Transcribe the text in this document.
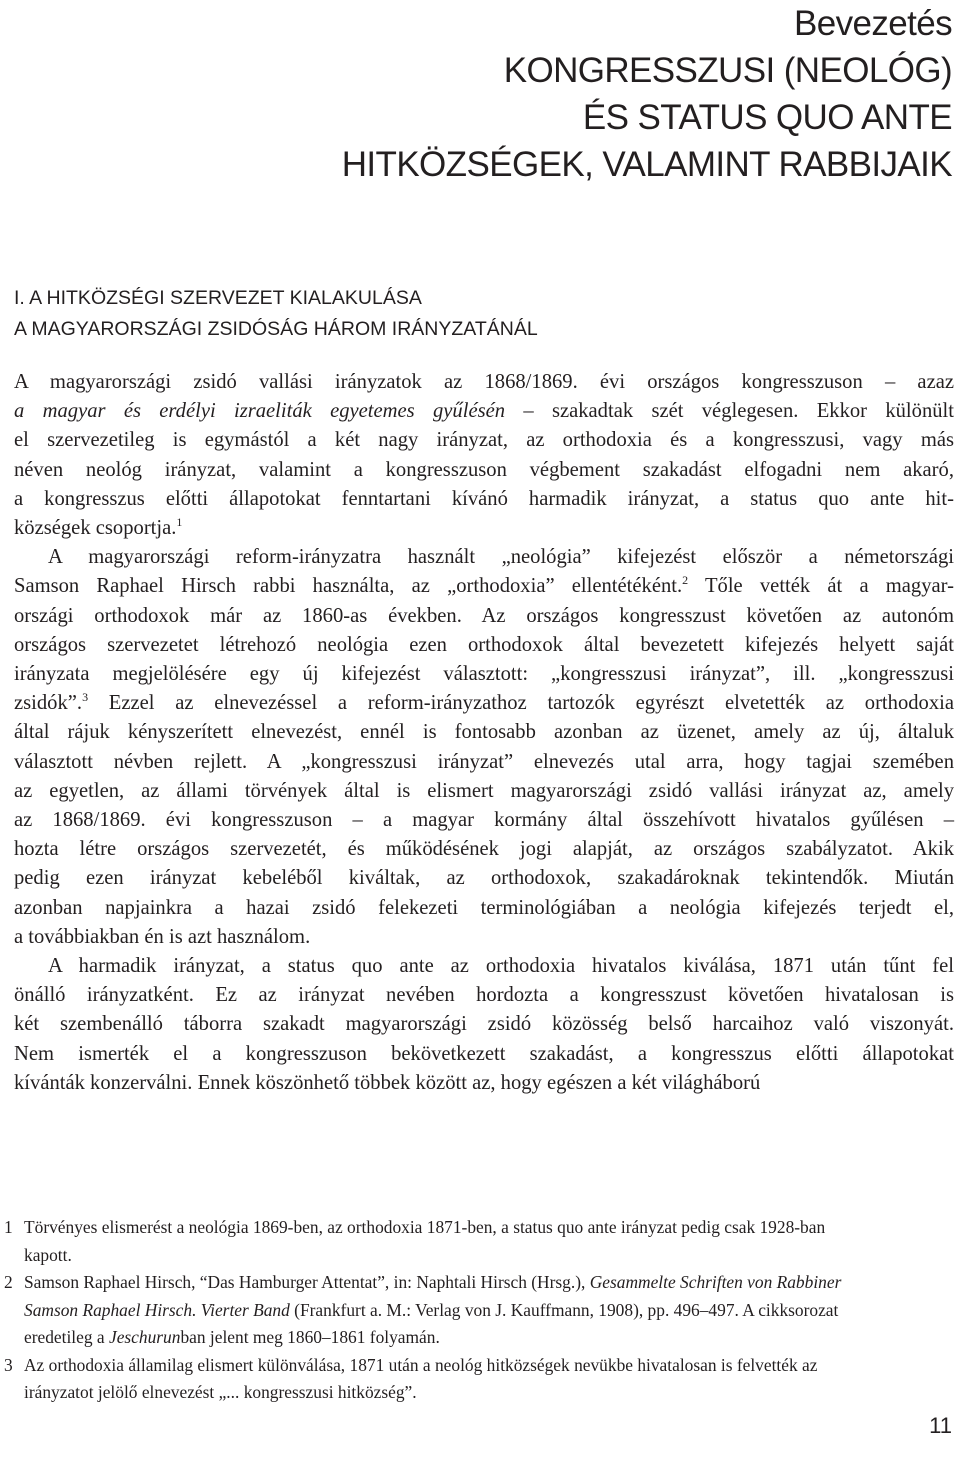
Bevezetés
KONGRESSZUSI (NEOLÓG)
ÉS STATUS QUO ANTE
HITKÖZSÉGEK, VALAMINT RABBIJAIK
I. A HITKÖZSÉGI SZERVEZET KIALAKULÁSA
A MAGYARORSZÁGI ZSIDÓSÁG HÁROM IRÁNYZATÁNÁL
A magyarországi zsidó vallási irányzatok az 1868/1869. évi országos kongresszuson – azaz
a magyar és erdélyi izraeliták egyetemes gyűlésén – szakadtak szét véglegesen. Ekkor különült
el szervezetileg is egymástól a két nagy irányzat, az orthodoxia és a kongresszusi, vagy más
néven neológ irányzat, valamint a kongresszuson végbement szakadást elfogadni nem akaró,
a kongresszus előtti állapotokat fenntartani kívánó harmadik irányzat, a status quo ante hit-
községek csoportja.$^1$
A magyarországi reform-irányzatra használt „neológia” kifejezést először a németországi
Samson Raphael Hirsch rabbi használta, az „orthodoxia” ellentétéként.$^2$ Tőle vették át a magyar-
országi orthodoxok már az 1860-as években. Az országos kongresszust követően az autonóm
országos szervezetet létrehozó neológia ezen orthodoxok által bevezetett kifejezés helyett saját
irányzata megjelölésére egy új kifejezést választott: „kongresszusi irányzat”, ill. „kongresszusi
zsidók”.$^3$ Ezzel az elnevezéssel a reform-irányzathoz tartozók egyrészt elvetették az orthodoxia
által rájuk kényszerített elnevezést, ennél is fontosabb azonban az üzenet, amely az új, általuk
választott névben rejlett. A „kongresszusi irányzat” elnevezés utal arra, hogy tagjai szemében
az egyetlen, az állami törvények által is elismert magyarországi zsidó vallási irányzat az, amely
az 1868/1869. évi kongresszuson – a magyar kormány által összehívott hivatalos gyűlésen –
hozta létre országos szervezetét, és működésének jogi alapját, az országos szabályzatot. Akik
pedig ezen irányzat kebeléből kiváltak, az orthodoxok, szakadároknak tekintendők. Miután
azonban napjainkra a hazai zsidó felekezeti terminológiában a neológia kifejezés terjedt el,
a továbbiakban én is azt használom.
A harmadik irányzat, a status quo ante az orthodoxia hivatalos kiválása, 1871 után tűnt fel
önálló irányzatként. Ez az irányzat nevében hordozta a kongresszust követően hivatalosan is
két szembenálló táborra szakadt magyarországi zsidó közösség belső harcaihoz való viszonyát.
Nem ismerték el a kongresszuson bekövetkezett szakadást, a kongresszus előtti állapotokat
kívánták konzerválni. Ennek köszönhető többek között az, hogy egészen a két világháború
1 Törvényes elismerést a neológia 1869-ben, az orthodoxia 1871-ben, a status quo ante irányzat pedig csak 1928-ban
kapott.
2 Samson Raphael Hirsch, “Das Hamburger Attentat”, in: Naphtali Hirsch (Hrsg.), Gesammelte Schriften von Rabbiner
Samson Raphael Hirsch. Vierter Band (Frankfurt a. M.: Verlag von J. Kauffmann, 1908), pp. 496–497. A cikksorozat
eredetileg a Jeschurunban jelent meg 1860–1861 folyamán.
3 Az orthodoxia államilag elismert különválása, 1871 után a neológ hitközségek nevükbe hivatalosan is felvették az
irányzatot jelölő elnevezést „... kongresszusi hitközség”.
11
